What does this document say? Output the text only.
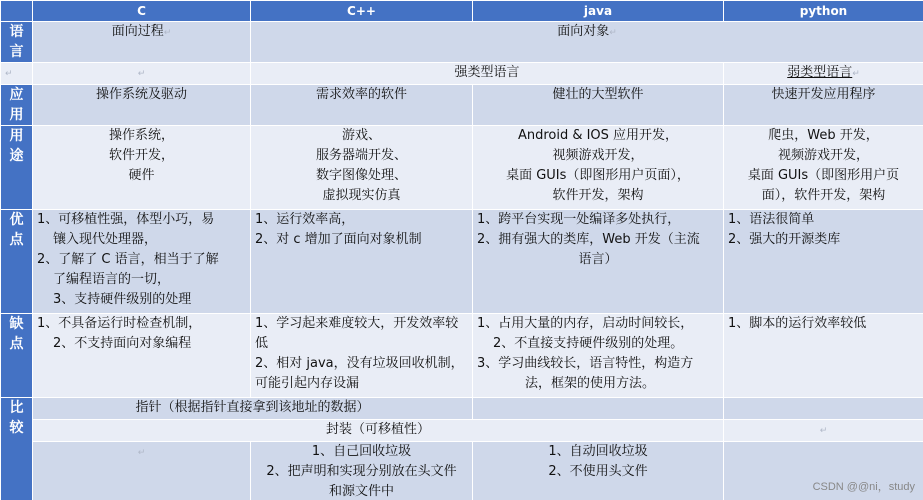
	C	C++	java	python

语
言	面向过程↵	面向对象↵		
↵	↵	强类型语言		弱类型语言↵

应
用	操作系统及驱动	需求效率的软件	健壮的大型软件	快速开发应用程序

用
途	操作系统，
软件开发，
硬件	游戏、
服务器端开发、
数字图像处理、
虚拟现实仿真	Android & IOS 应用开发，
视频游戏开发，
桌面 GUIs（即图形用户页面），
软件开发，架构	爬虫，Web 开发，
视频游戏开发，
桌面 GUIs（即图形用户页
面），软件开发，架构

优
点	1、可移植性强，体型小巧，易
镶入现代处理器，
2、了解了 C 语言，相当于了解
了编程语言的一切，
3、支持硬件级别的处理	1、运行效率高，
2、对 c 增加了面向对象机制	1、跨平台实现一处编译多处执行，
2、拥有强大的类库，Web 开发（主流
语言）	1、语法很简单
2、强大的开源类库

缺
点	1、不具备运行时检查机制，
2、不支持面向对象编程	1、学习起来难度较大，开发效率较
低
2、相对 java，没有垃圾回收机制，
可能引起内存设漏	1、占用大量的内存，启动时间较长，
2、不直接支持硬件级别的处理。
3、学习曲线较长，语言特性，构造方
法，框架的使用方法。	1、脚本的运行效率较低

比
较	指针（根据指针直接拿到该地址的数据）			
	封装（可移植性）			↵
	↵	1、自己回收垃圾
2、把声明和实现分别放在头文件
和源文件中	1、自动回收垃圾
2、不使用头文件	

CSDN @@ni，study
